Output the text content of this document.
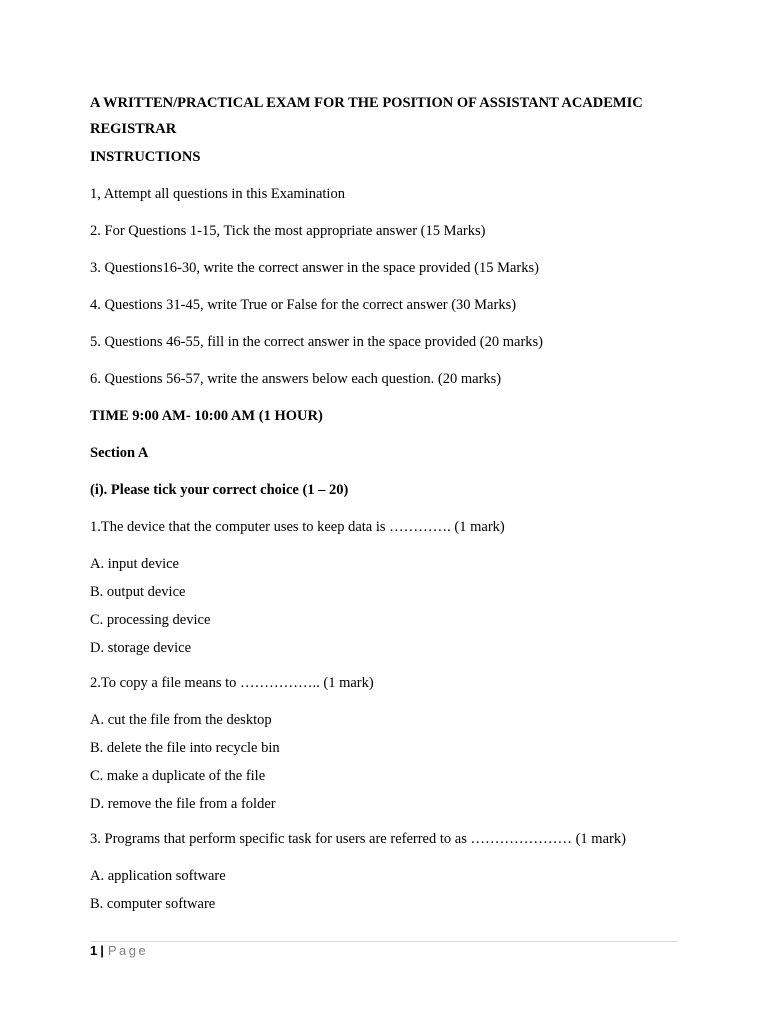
A WRITTEN/PRACTICAL EXAM FOR THE POSITION OF ASSISTANT ACADEMIC REGISTRAR
INSTRUCTIONS
1, Attempt all questions in this Examination
2. For Questions 1-15, Tick the most appropriate answer (15 Marks)
3. Questions16-30, write the correct answer in the space provided (15 Marks)
4. Questions 31-45, write True or False for the correct answer (30 Marks)
5. Questions 46-55, fill in the correct answer in the space provided (20 marks)
6. Questions 56-57, write the answers below each question. (20 marks)
TIME 9:00 AM- 10:00 AM (1 HOUR)
Section A
(i). Please tick your correct choice (1 – 20)
1.The device that the computer uses to keep data is …………. (1 mark)
A. input device
B. output device
C. processing device
D. storage device
2.To copy a file means to …………….. (1 mark)
A. cut the file from the desktop
B. delete the file into recycle bin
C. make a duplicate of the file
D. remove the file from a folder
3. Programs that perform specific task for users are referred to as ………………… (1 mark)
A. application software
B. computer software
1 | Page
